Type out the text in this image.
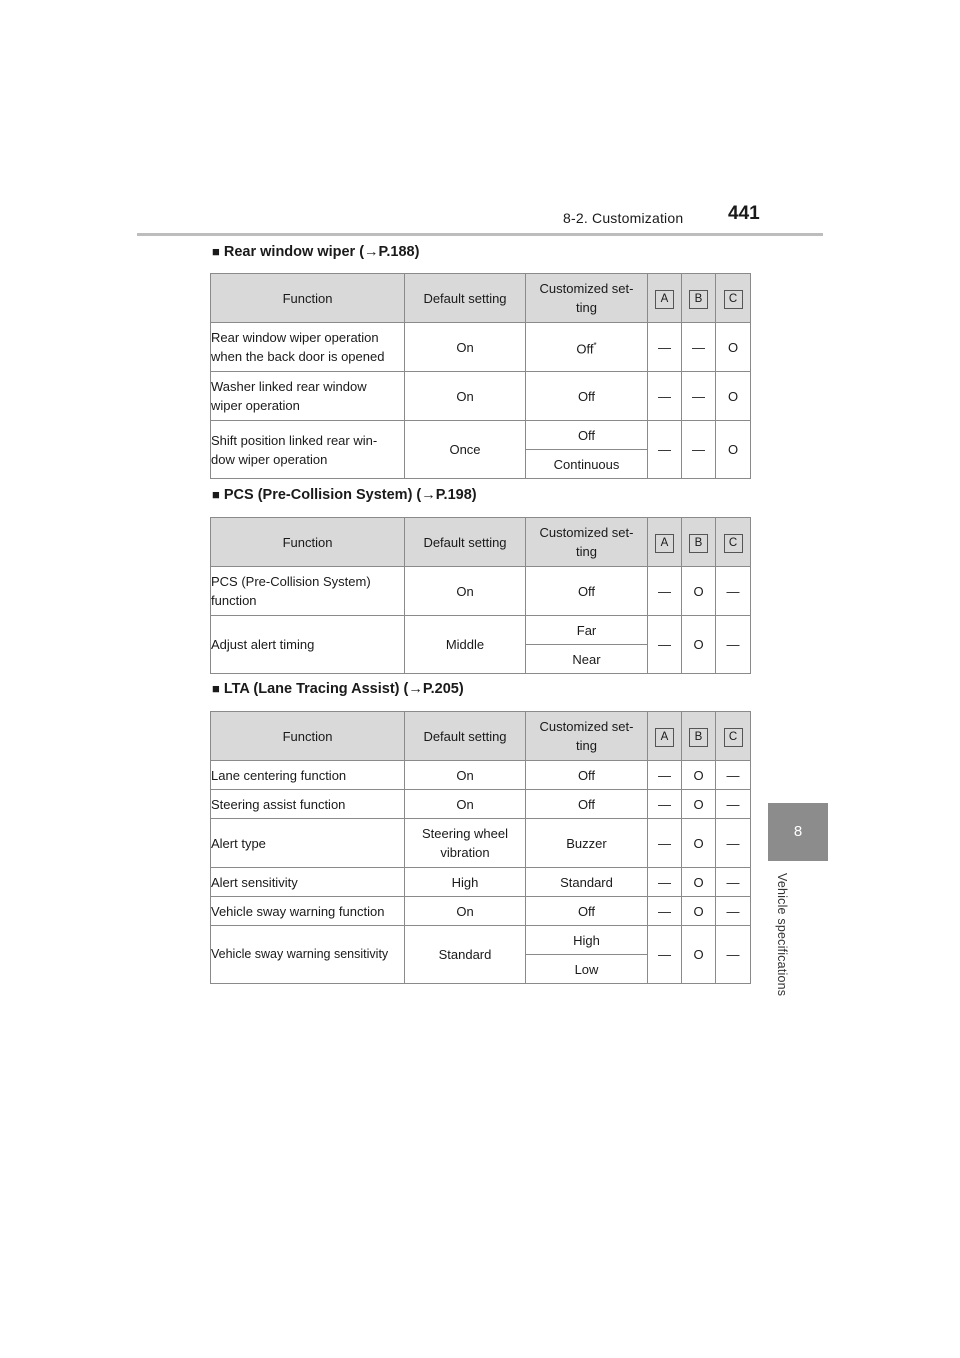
8-2. Customization 441
8
Vehicle specifications
■ Rear window wiper (→P.188)
Function	Default setting	Customized set-
ting	A	B	C
Rear window wiper operation
when the back door is opened	On	Off*	—	—	O
Washer linked rear window
wiper operation	On	Off	—	—	O
Shift position linked rear win-
dow wiper operation	Once	Off	—	—	O
		Continuous			
■ PCS (Pre-Collision System) (→P.198)
Function	Default setting	Customized set-
ting	A	B	C
PCS (Pre-Collision System)
function	On	Off	—	O	—
Adjust alert timing	Middle	Far	—	O	—
		Near			
■ LTA (Lane Tracing Assist) (→P.205)
Function	Default setting	Customized set-
ting	A	B	C
Lane centering function	On	Off	—	O	—
Steering assist function	On	Off	—	O	—
Alert type	Steering wheel
vibration	Buzzer	—	O	—
Alert sensitivity	High	Standard	—	O	—
Vehicle sway warning function	On	Off	—	O	—
Vehicle sway warning sensitivity	Standard	High	—	O	—
		Low			
